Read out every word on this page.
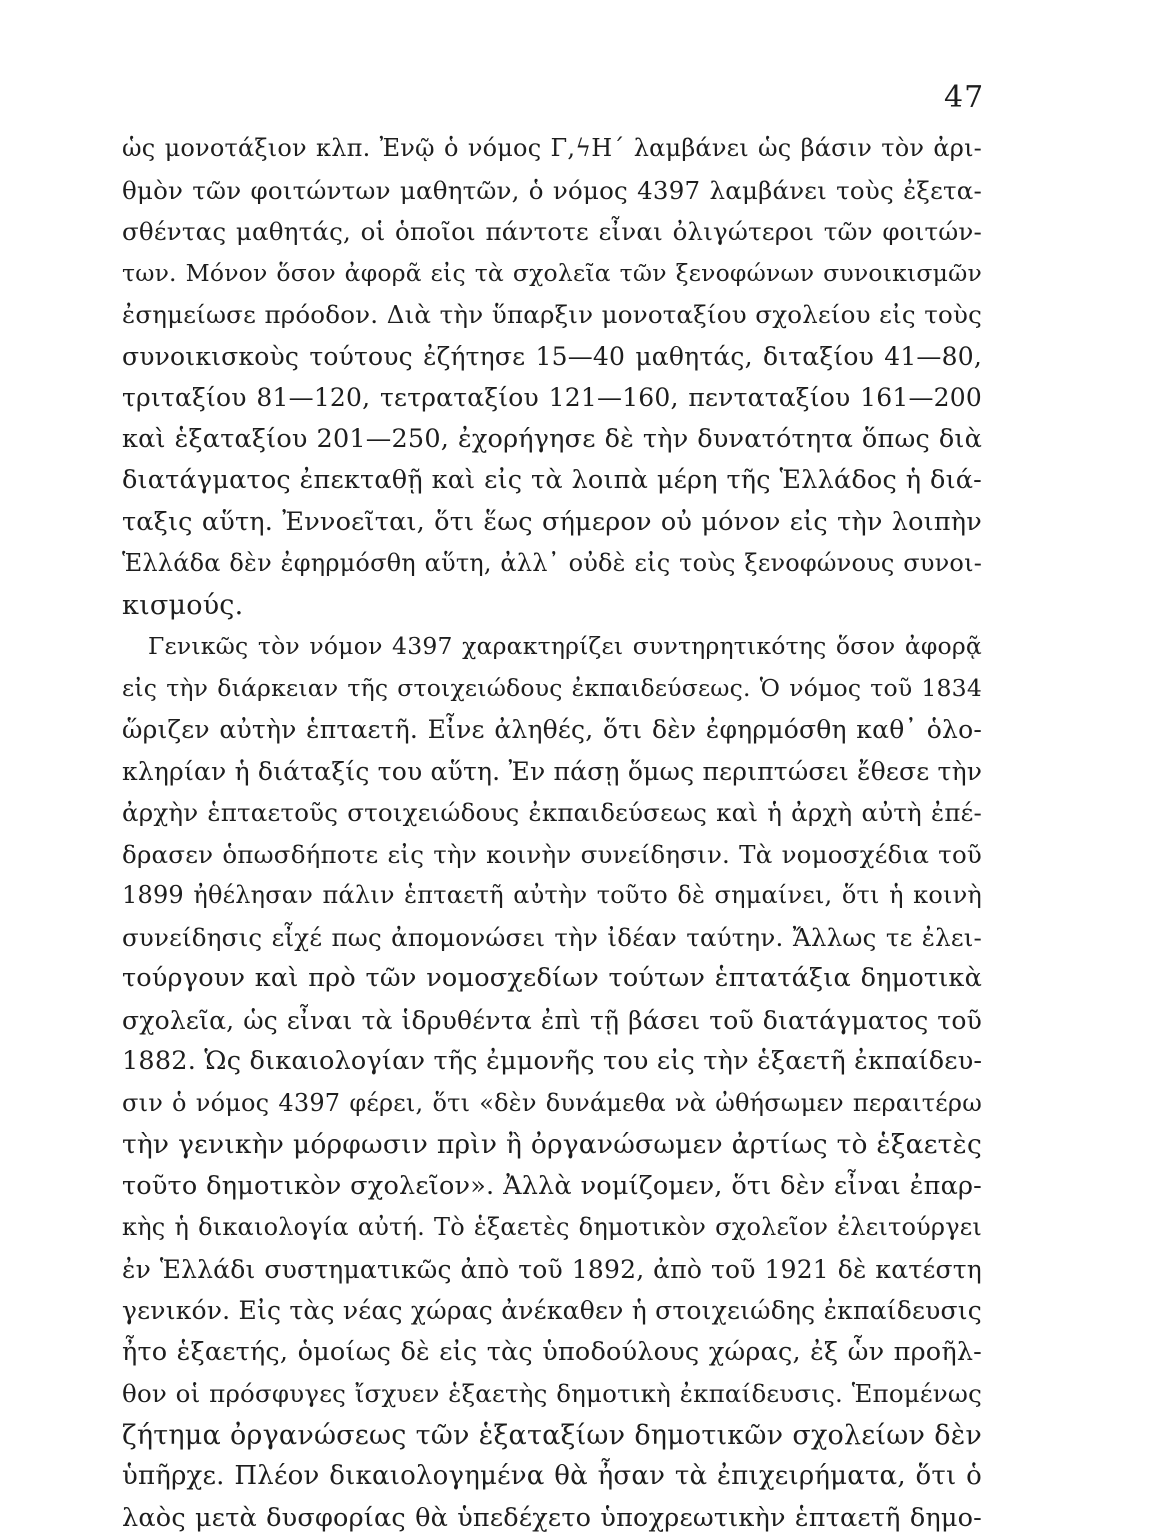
47
ὡς μονοτάξιον κλπ. Ἐνῷ ὁ νόμος Γ,ϟΗ´ λαμβάνει ὡς βάσιν τὸν ἀρι-
θμὸν τῶν φοιτώντων μαθητῶν, ὁ νόμος 4397 λαμβάνει τοὺς ἐξετα-
σθέντας μαθητάς, οἱ ὁποῖοι πάντοτε εἶναι ὀλιγώτεροι τῶν φοιτών-
των. Μόνον ὅσον ἀφορᾶ εἰς τὰ σχολεῖα τῶν ξενοφώνων συνοικισμῶν
ἐσημείωσε πρόοδον. Διὰ τὴν ὕπαρξιν μονοταξίου σχολείου εἰς τοὺς
συνοικισκοὺς τούτους ἐζήτησε 15—40 μαθητάς, διταξίου 41—80,
τριταξίου 81—120, τετραταξίου 121—160, πενταταξίου 161—200
καὶ ἑξαταξίου 201—250, ἐχορήγησε δὲ τὴν δυνατότητα ὅπως διὰ
διατάγματος ἐπεκταθῇ καὶ εἰς τὰ λοιπὰ μέρη τῆς Ἑλλάδος ἡ διά-
ταξις αὕτη. Ἐννοεῖται, ὅτι ἕως σήμερον οὐ μόνον εἰς τὴν λοιπὴν
Ἑλλάδα δὲν ἐφηρμόσθη αὕτη, ἀλλ᾿ οὐδὲ εἰς τοὺς ξενοφώνους συνοι-
κισμούς.
Γενικῶς τὸν νόμον 4397 χαρακτηρίζει συντηρητικότης ὅσον ἀφορᾷ
εἰς τὴν διάρκειαν τῆς στοιχειώδους ἐκπαιδεύσεως. Ὁ νόμος τοῦ 1834
ὥριζεν αὐτὴν ἑπταετῆ. Εἶνε ἀληθές, ὅτι δὲν ἐφηρμόσθη καθ᾿ ὁλο-
κληρίαν ἡ διάταξίς του αὕτη. Ἐν πάσῃ ὅμως περιπτώσει ἔθεσε τὴν
ἀρχὴν ἑπταετοῦς στοιχειώδους ἐκπαιδεύσεως καὶ ἡ ἀρχὴ αὐτὴ ἐπέ-
δρασεν ὁπωσδήποτε εἰς τὴν κοινὴν συνείδησιν. Τὰ νομοσχέδια τοῦ
1899 ἠθέλησαν πάλιν ἑπταετῆ αὐτὴν τοῦτο δὲ σημαίνει, ὅτι ἡ κοινὴ
συνείδησις εἶχέ πως ἀπομονώσει τὴν ἰδέαν ταύτην. Ἄλλως τε ἐλει-
τούργουν καὶ πρὸ τῶν νομοσχεδίων τούτων ἑπτατάξια δημοτικὰ
σχολεῖα, ὡς εἶναι τὰ ἱδρυθέντα ἐπὶ τῇ βάσει τοῦ διατάγματος τοῦ
1882. Ὡς δικαιολογίαν τῆς ἐμμονῆς του εἰς τὴν ἑξαετῆ ἐκπαίδευ-
σιν ὁ νόμος 4397 φέρει, ὅτι «δὲν δυνάμεθα νὰ ὠθήσωμεν περαιτέρω
τὴν γενικὴν μόρφωσιν πρὶν ἢ ὀργανώσωμεν ἀρτίως τὸ ἑξαετὲς
τοῦτο δημοτικὸν σχολεῖον». Ἀλλὰ νομίζομεν, ὅτι δὲν εἶναι ἐπαρ-
κὴς ἡ δικαιολογία αὐτή. Τὸ ἑξαετὲς δημοτικὸν σχολεῖον ἐλειτούργει
ἐν Ἑλλάδι συστηματικῶς ἀπὸ τοῦ 1892, ἀπὸ τοῦ 1921 δὲ κατέστη
γενικόν. Εἰς τὰς νέας χώρας ἀνέκαθεν ἡ στοιχειώδης ἐκπαίδευσις
ἦτο ἑξαετής, ὁμοίως δὲ εἰς τὰς ὑποδούλους χώρας, ἐξ ὧν προῆλ-
θον οἱ πρόσφυγες ἴσχυεν ἑξαετὴς δημοτικὴ ἐκπαίδευσις. Ἑπομένως
ζήτημα ὀργανώσεως τῶν ἑξαταξίων δημοτικῶν σχολείων δὲν
ὑπῆρχε. Πλέον δικαιολογημένα θὰ ἦσαν τὰ ἐπιχειρήματα, ὅτι ὁ
λαὸς μετὰ δυσφορίας θὰ ὑπεδέχετο ὑποχρεωτικὴν ἑπταετῆ δημο-
